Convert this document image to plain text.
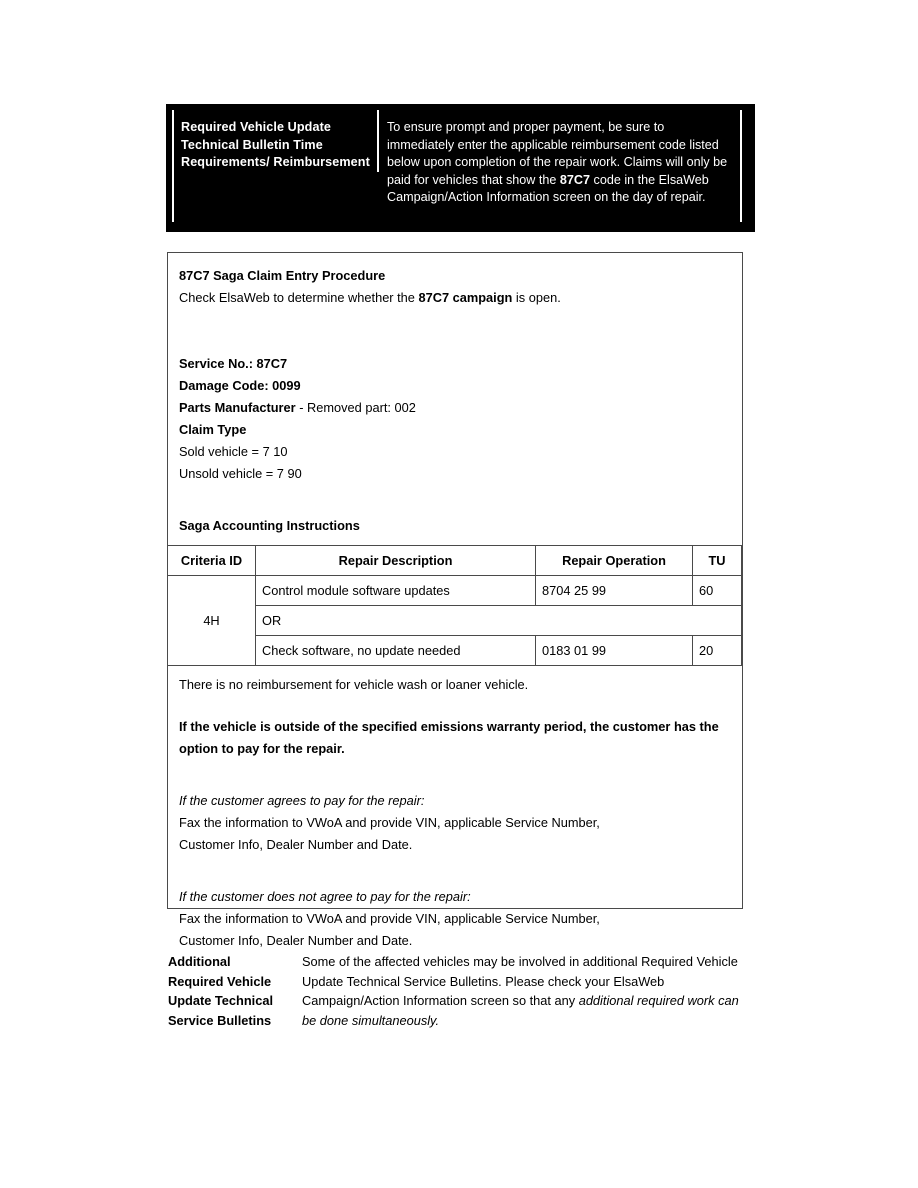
Required Vehicle Update
Technical Bulletin Time
Requirements/ Reimbursement

To ensure prompt and proper payment, be sure to immediately enter the applicable reimbursement code listed below upon completion of the repair work. Claims will only be paid for vehicles that show the 87C7 code in the ElsaWeb Campaign/Action Information screen on the day of repair.

87C7 Saga Claim Entry Procedure

Check ElsaWeb to determine whether the 87C7 campaign is open.

Service No.: 87C7

Damage Code: 0099

Parts Manufacturer - Removed part: 002

Claim Type

Sold vehicle = 7 10

Unsold vehicle = 7 90

Saga Accounting Instructions

Criteria ID	Repair Description	Repair Operation	TU
4H	Control module software updates	8704 25 99	60
	OR		
	Check software, no update needed	0183 01 99	20

There is no reimbursement for vehicle wash or loaner vehicle.

If the vehicle is outside of the specified emissions warranty period, the customer has the option to pay for the repair.

If the customer agrees to pay for the repair:

Fax the information to VWoA and provide VIN, applicable Service Number,

Customer Info, Dealer Number and Date.

If the customer does not agree to pay for the repair:

Fax the information to VWoA and provide VIN, applicable Service Number,

Customer Info, Dealer Number and Date.

Additional
Required Vehicle
Update Technical
Service Bulletins

Some of the affected vehicles may be involved in additional Required Vehicle Update Technical Service Bulletins. Please check your ElsaWeb Campaign/Action Information screen so that any additional required work can be done simultaneously.
